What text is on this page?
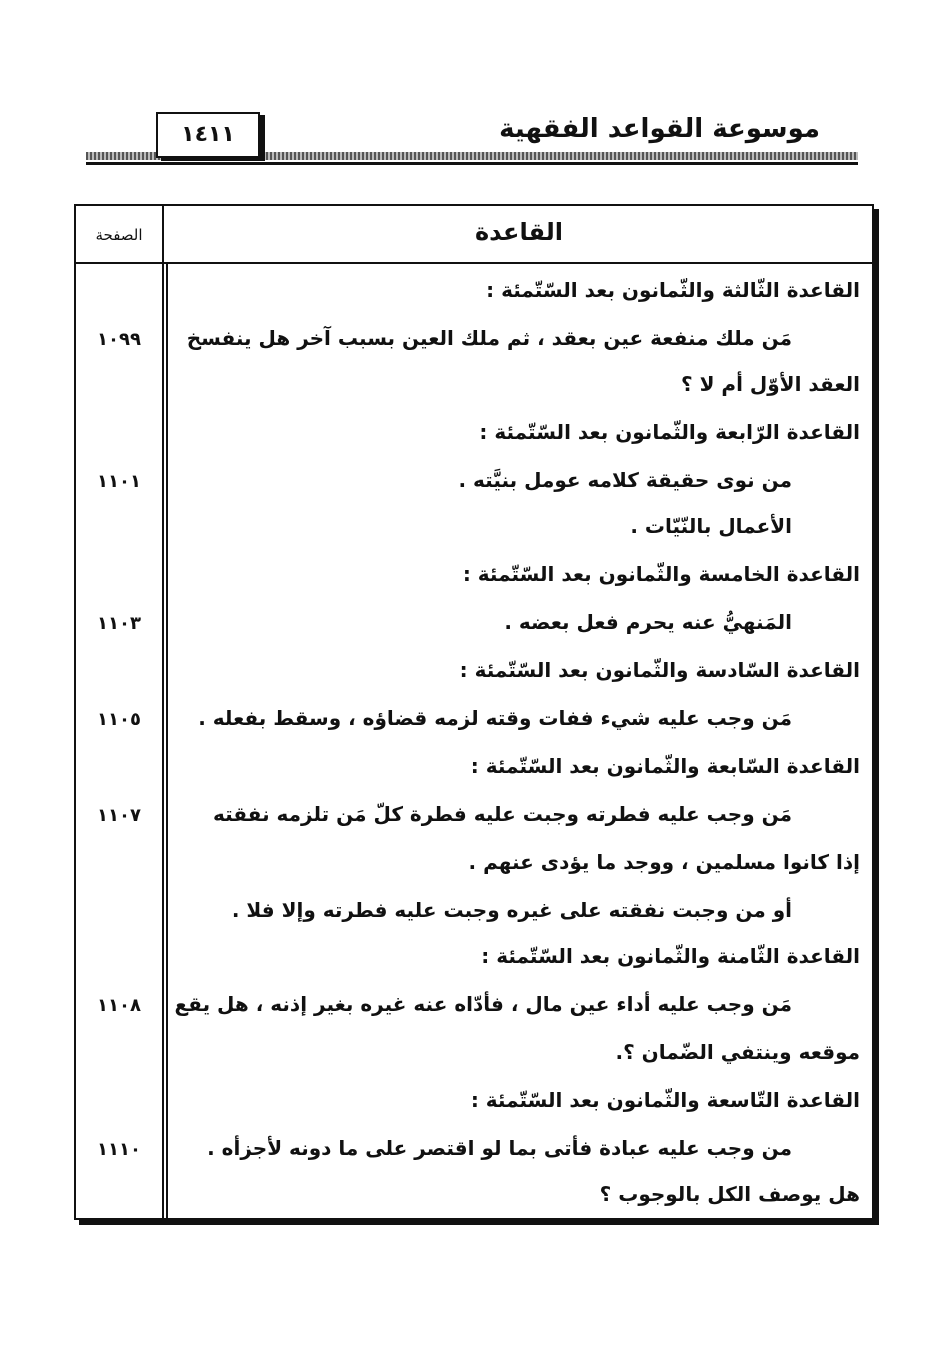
موسوعة القواعد الفقهية
١٤١١
القاعدة
الصفحة
القاعدة الثّالثة والثّمانون بعد السّتّمئة :
مَن ملك منفعة عين بعقد ، ثم ملك العين بسبب آخر هل ينفسخ
١٠٩٩
العقد الأوّل أم لا ؟
القاعدة الرّابعة والثّمانون بعد السّتّمئة :
من نوى حقيقة كلامه عومل بنيَّته .
١١٠١
الأعمال بالنّيّات .
القاعدة الخامسة والثّمانون بعد السّتّمئة :
المَنهيُّ عنه يحرم فعل بعضه .
١١٠٣
القاعدة السّادسة والثّمانون بعد السّتّمئة :
مَن وجب عليه شيء ففات وقته لزمه قضاؤه ، وسقط بفعله .
١١٠٥
القاعدة السّابعة والثّمانون بعد السّتّمئة :
مَن وجب عليه فطرته وجبت عليه فطرة كلّ مَن تلزمه نفقته
١١٠٧
إذا كانوا مسلمين ، ووجد ما يؤدى عنهم .
أو من وجبت نفقته على غيره وجبت عليه فطرته وإلا فلا .
القاعدة الثّامنة والثّمانون بعد السّتّمئة :
مَن وجب عليه أداء عين مال ، فأدّاه عنه غيره بغير إذنه ، هل يقع
١١٠٨
موقعه وينتفي الضّمان ؟.
القاعدة التّاسعة والثّمانون بعد السّتّمئة :
من وجب عليه عبادة فأتى بما لو اقتصر على ما دونه لأجزأه .
١١١٠
هل يوصف الكل بالوجوب ؟
